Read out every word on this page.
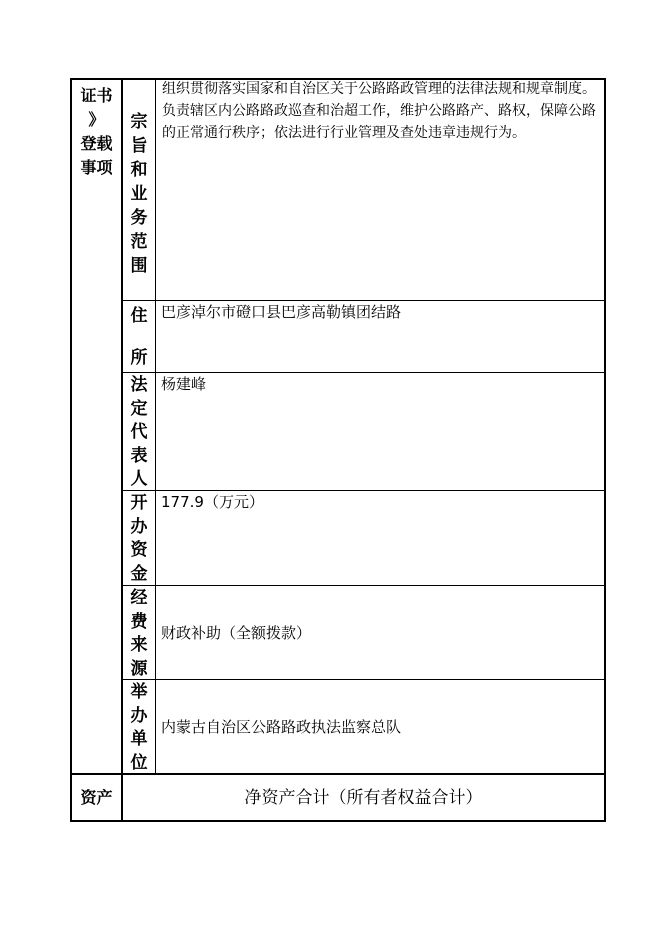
证书
》
登载
事项
宗
旨
和
业
务
范
围
组织贯彻落实国家和自治区关于公路路政管理的法律法规和规章制度。负责辖区内公路路政巡查和治超工作，维护公路路产、路权，保障公路的正常通行秩序；依法进行行业管理及查处违章违规行为。
住
所
巴彦淖尔市磴口县巴彦高勒镇团结路
法
定
代
表
人
杨建峰
开
办
资
金
177.9（万元）
经
费
来
源
财政补助（全额拨款）
举
办
单
位
内蒙古自治区公路路政执法监察总队
资产	净资产合计（所有者权益合计）
